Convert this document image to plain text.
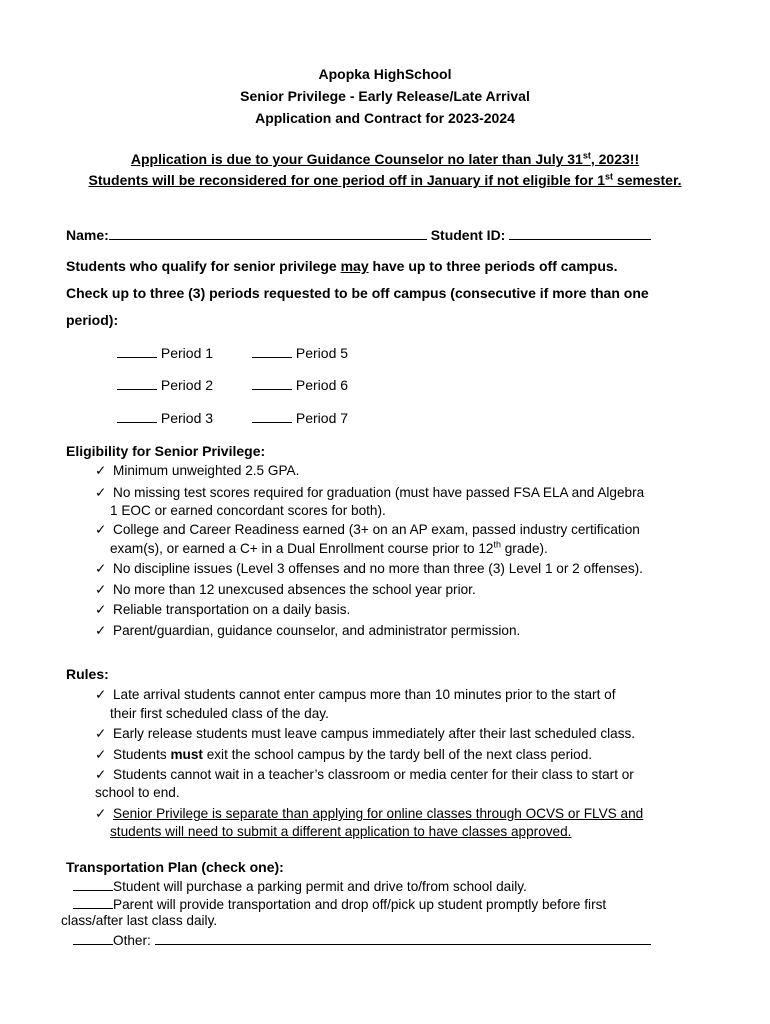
Apopka HighSchool
Senior Privilege - Early Release/Late Arrival
Application and Contract for 2023-2024
Application is due to your Guidance Counselor no later than July 31st, 2023!!
Students will be reconsidered for one period off in January if not eligible for 1st semester.
Name:	Student ID:
Students who qualify for senior privilege may have up to three periods off campus.
Check up to three (3) periods requested to be off campus (consecutive if more than one
period):
Period 1	Period 5
Period 2	Period 6
Period 3	Period 7
Eligibility for Senior Privilege:
✓ Minimum unweighted 2.5 GPA.
✓ No missing test scores required for graduation (must have passed FSA ELA and Algebra
1 EOC or earned concordant scores for both).
✓ College and Career Readiness earned (3+ on an AP exam, passed industry certification
exam(s), or earned a C+ in a Dual Enrollment course prior to 12th grade).
✓ No discipline issues (Level 3 offenses and no more than three (3) Level 1 or 2 offenses).
✓ No more than 12 unexcused absences the school year prior.
✓ Reliable transportation on a daily basis.
✓ Parent/guardian, guidance counselor, and administrator permission.
Rules:
✓ Late arrival students cannot enter campus more than 10 minutes prior to the start of
their first scheduled class of the day.
✓ Early release students must leave campus immediately after their last scheduled class.
✓ Students must exit the school campus by the tardy bell of the next class period.
✓ Students cannot wait in a teacher’s classroom or media center for their class to start or
school to end.
✓ Senior Privilege is separate than applying for online classes through OCVS or FLVS and
students will need to submit a different application to have classes approved.
Transportation Plan (check one):
Student will purchase a parking permit and drive to/from school daily.
Parent will provide transportation and drop off/pick up student promptly before first
class/after last class daily.
Other:
